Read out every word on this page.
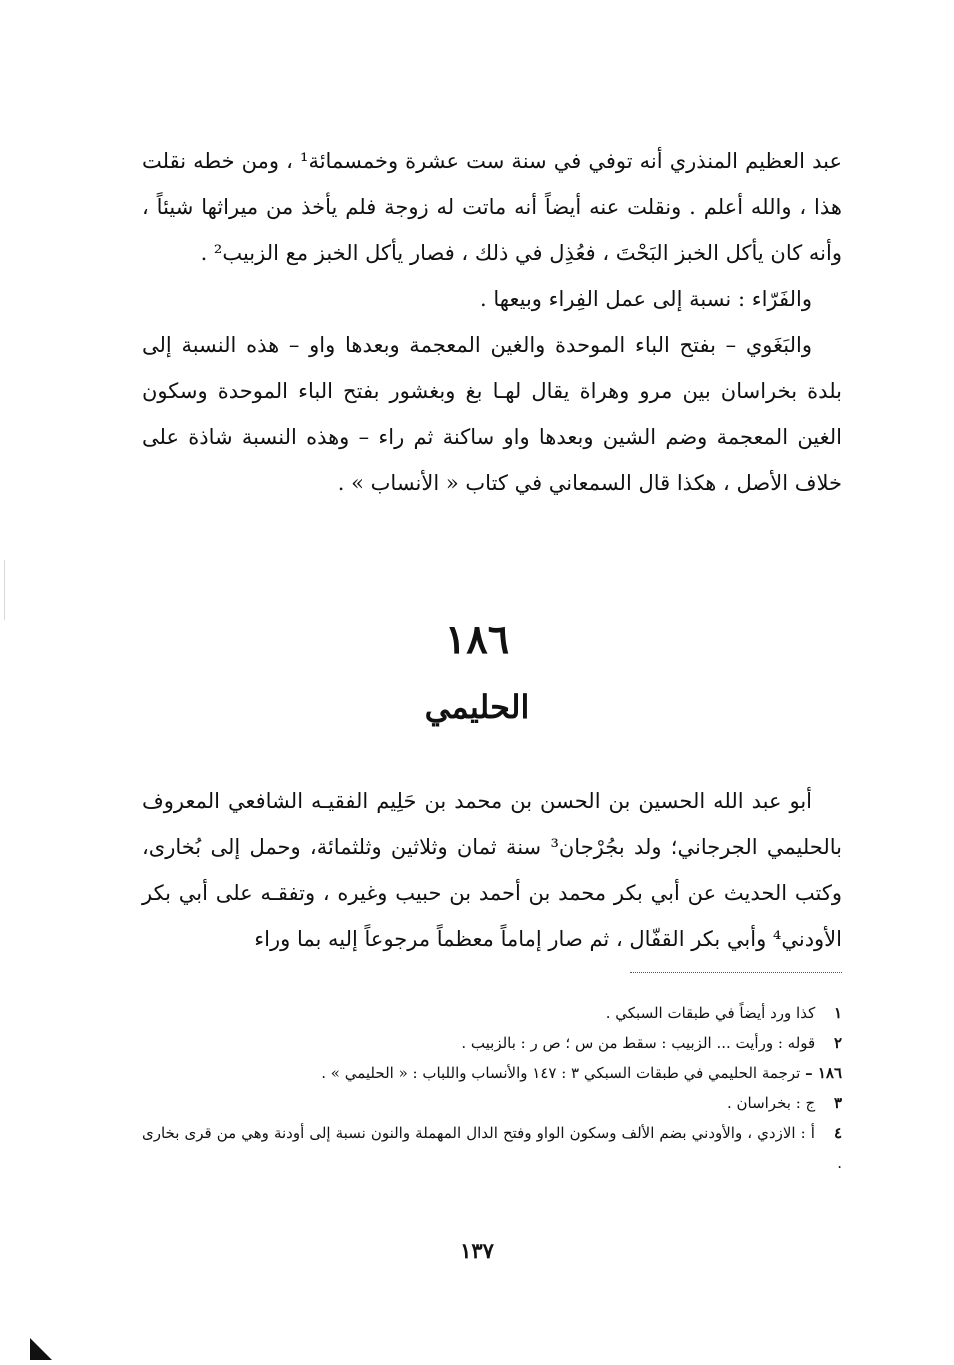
عبد العظيم المنذري أنه توفي في سنة ست عشرة وخمسمائة¹ ، ومن خطه نقلت هذا ، والله أعلم . ونقلت عنه أيضاً أنه ماتت له زوجة فلم يأخذ من ميراثها شيئاً ، وأنه كان يأكل الخبز البَحْتَ ، فعُذِل في ذلك ، فصار يأكل الخبز مع الزبيب² .

والفَرّاء : نسبة إلى عمل الفِراء وبيعها .

والبَغَوي – بفتح الباء الموحدة والغين المعجمة وبعدها واو – هذه النسبة إلى بلدة بخراسان بين مرو وهراة يقال لهـا بغ وبغشور بفتح الباء الموحدة وسكون الغين المعجمة وضم الشين وبعدها واو ساكنة ثم راء – وهذه النسبة شاذة على خلاف الأصل ، هكذا قال السمعاني في كتاب « الأنساب » .

١٨٦
الحليمي

أبو عبد الله الحسين بن الحسن بن محمد بن حَلِيم الفقيـه الشافعي المعروف بالحليمي الجرجاني؛ ولد بجُرْجان³ سنة ثمان وثلاثين وثلثمائة، وحمل إلى بُخارى، وكتب الحديث عن أبي بكر محمد بن أحمد بن حبيب وغيره ، وتفقـه على أبي بكر الأودني⁴ وأبي بكر القفّال ، ثم صار إماماً معظماً مرجوعاً إليه بما وراء

١ كذا ورد أيضاً في طبقات السبكي .

٢ قوله : ورأيت ... الزبيب : سقط من س ؛ ص ر : بالزبيب .

١٨٦ – ترجمة الحليمي في طبقات السبكي ٣ : ١٤٧ والأنساب واللباب : « الحليمي » .

٣ ج : بخراسان .

٤ أ : الازدي ، والأودني بضم الألف وسكون الواو وفتح الدال المهملة والنون نسبة إلى أودنة وهي من قرى بخارى .

١٣٧
